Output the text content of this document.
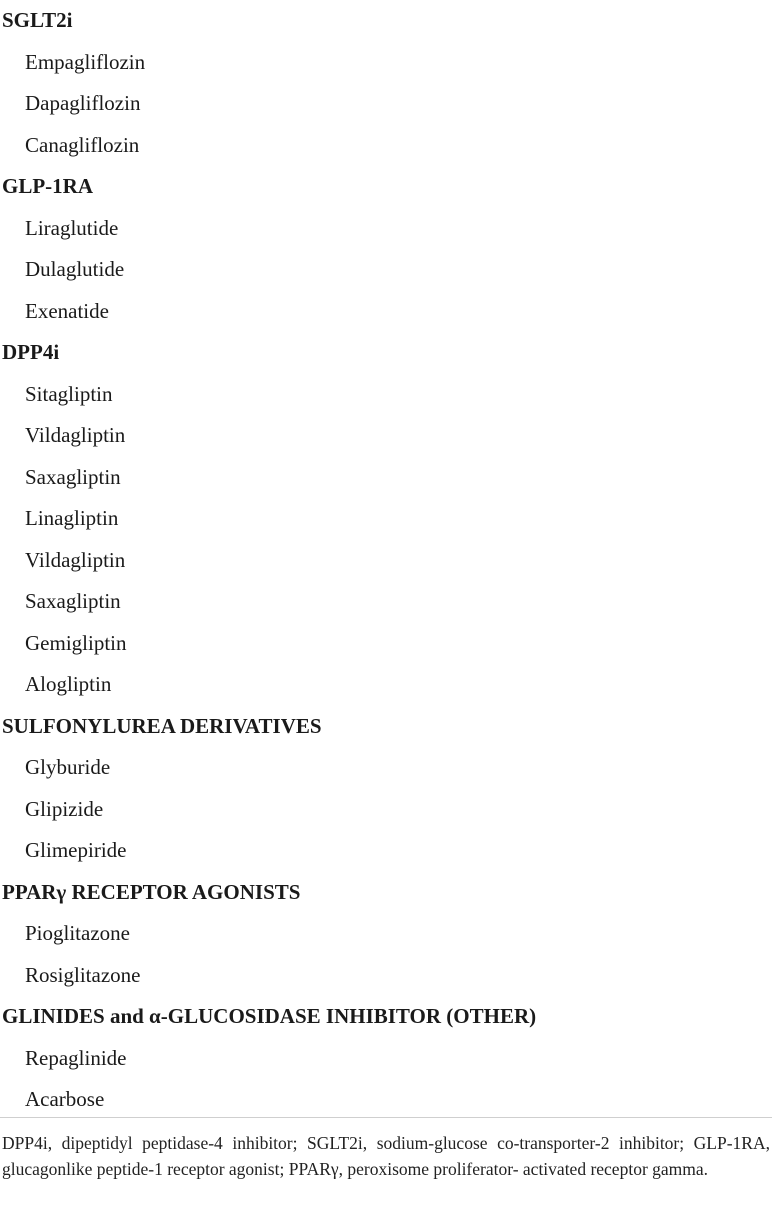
SGLT2i
Empagliflozin
Dapagliflozin
Canagliflozin
GLP-1RA
Liraglutide
Dulaglutide
Exenatide
DPP4i
Sitagliptin
Vildagliptin
Saxagliptin
Linagliptin
Vildagliptin
Saxagliptin
Gemigliptin
Alogliptin
SULFONYLUREA DERIVATIVES
Glyburide
Glipizide
Glimepiride
PPARγ RECEPTOR AGONISTS
Pioglitazone
Rosiglitazone
GLINIDES and α-GLUCOSIDASE INHIBITOR (OTHER)
Repaglinide
Acarbose
DPP4i, dipeptidyl peptidase-4 inhibitor; SGLT2i, sodium-glucose co-transporter-2 inhibitor; GLP-1RA, glucagonlike peptide-1 receptor agonist; PPARγ, peroxisome proliferator- activated receptor gamma.
